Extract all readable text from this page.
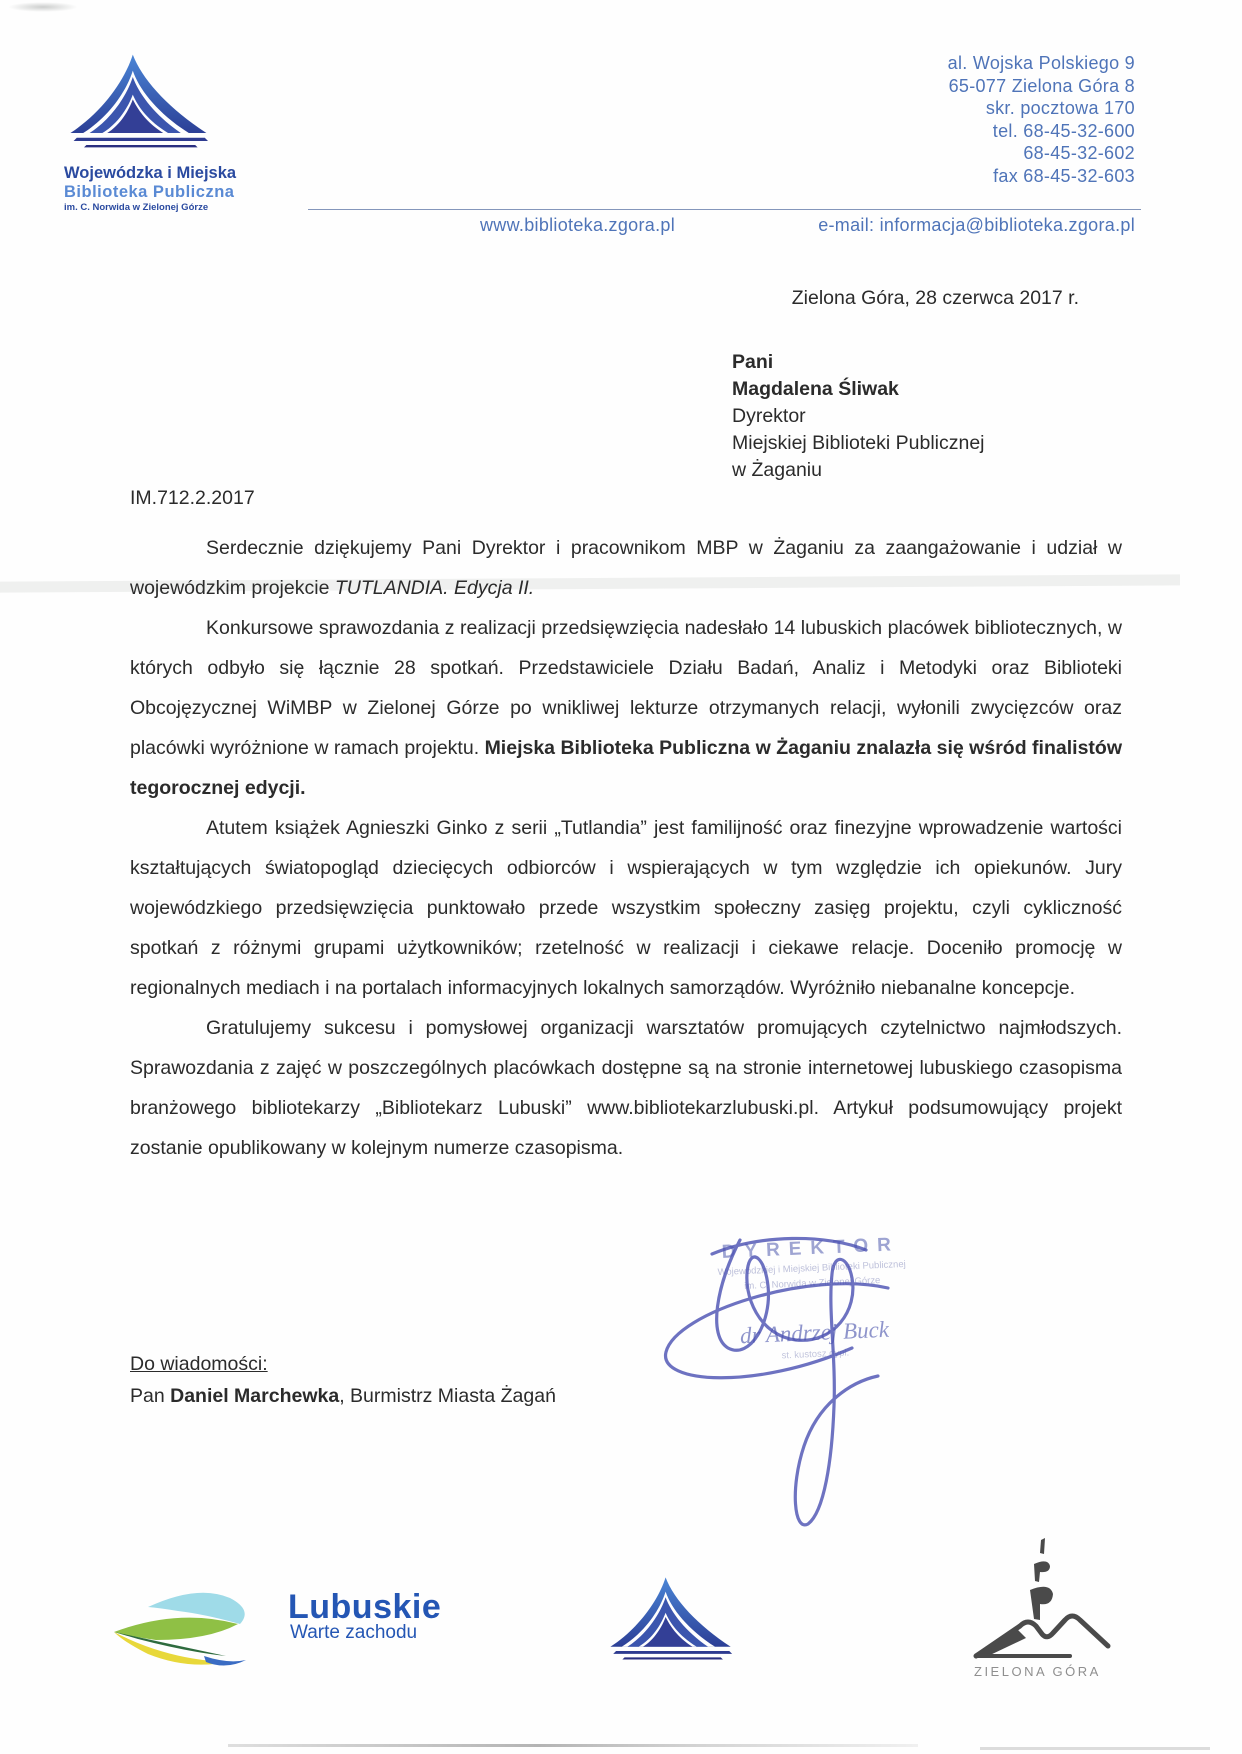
Wojewódzka i Miejska
Biblioteka Publiczna
im. C. Norwida w Zielonej Górze
al. Wojska Polskiego 9
65-077 Zielona Góra 8
skr. pocztowa 170
tel. 68-45-32-600
68-45-32-602
fax 68-45-32-603
www.biblioteka.zgora.pl	e-mail: informacja@biblioteka.zgora.pl
Zielona Góra, 28 czerwca 2017 r.
Pani
Magdalena Śliwak
Dyrektor
Miejskiej Biblioteki Publicznej
w Żaganiu
IM.712.2.2017

Serdecznie dziękujemy Pani Dyrektor i pracownikom MBP w Żaganiu za zaangażowanie i udział w wojewódzkim projekcie TUTLANDIA. Edycja II.

Konkursowe sprawozdania z realizacji przedsięwzięcia nadesłało 14 lubuskich placówek bibliotecznych, w których odbyło się łącznie 28 spotkań. Przedstawiciele Działu Badań, Analiz i Metodyki oraz Biblioteki Obcojęzycznej WiMBP w Zielonej Górze po wnikliwej lekturze otrzymanych relacji, wyłonili zwycięzców oraz placówki wyróżnione w ramach projektu. Miejska Biblioteka Publiczna w Żaganiu znalazła się wśród finalistów tegorocznej edycji.

Atutem książek Agnieszki Ginko z serii „Tutlandia” jest familijność oraz finezyjne wprowadzenie wartości kształtujących światopogląd dziecięcych odbiorców i wspierających w tym względzie ich opiekunów. Jury wojewódzkiego przedsięwzięcia punktowało przede wszystkim społeczny zasięg projektu, czyli cykliczność spotkań z różnymi grupami użytkowników; rzetelność w realizacji i ciekawe relacje. Doceniło promocję w regionalnych mediach i na portalach informacyjnych lokalnych samorządów. Wyróżniło niebanalne koncepcje.

Gratulujemy sukcesu i pomysłowej organizacji warsztatów promujących czytelnictwo najmłodszych. Sprawozdania z zajęć w poszczególnych placówkach dostępne są na stronie internetowej lubuskiego czasopisma branżowego bibliotekarzy „Bibliotekarz Lubuski” www.bibliotekarzlubuski.pl. Artykuł podsumowujący projekt zostanie opublikowany w kolejnym numerze czasopisma.

DYREKTOR
Wojewódzkiej i Miejskiej Biblioteki Publicznej
im. C. Norwida w Zielonej Górze
dr Andrzej Buck
st. kustosz dypl.
Do wiadomości:
Pan Daniel Marchewka, Burmistrz Miasta Żagań
Lubuskie
Warte zachodu
ZIELONA GÓRA
